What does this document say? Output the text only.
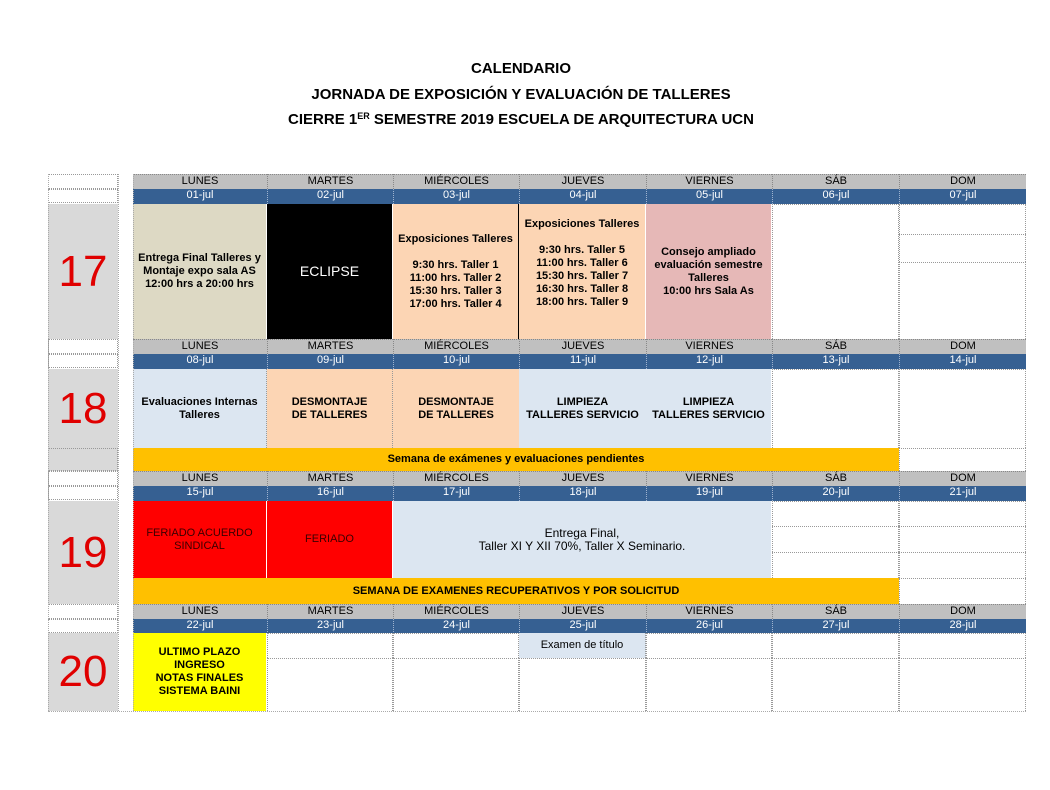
CALENDARIO
JORNADA DE EXPOSICIÓN Y EVALUACIÓN DE TALLERES
CIERRE 1ER SEMESTRE 2019 ESCUELA DE ARQUITECTURA UCN
LUNES
01-jul
MARTES
02-jul
MIÉRCOLES
03-jul
JUEVES
04-jul
VIERNES
05-jul
SÁB
06-jul
DOM
07-jul
LUNES
08-jul
MARTES
09-jul
MIÉRCOLES
10-jul
JUEVES
11-jul
VIERNES
12-jul
SÁB
13-jul
DOM
14-jul
LUNES
15-jul
MARTES
16-jul
MIÉRCOLES
17-jul
JUEVES
18-jul
VIERNES
19-jul
SÁB
20-jul
DOM
21-jul
LUNES
22-jul
MARTES
23-jul
MIÉRCOLES
24-jul
JUEVES
25-jul
VIERNES
26-jul
SÁB
27-jul
DOM
28-jul
17
18
19
20
Entrega Final Talleres y
Montaje expo sala AS
12:00 hrs a 20:00 hrs
ECLIPSE
Exposiciones Talleres

9:30 hrs. Taller 1
11:00 hrs. Taller 2
15:30 hrs. Taller 3
17:00 hrs. Taller 4
Exposiciones Talleres

9:30 hrs. Taller 5
11:00 hrs. Taller 6
15:30 hrs. Taller 7
16:30 hrs. Taller 8
18:00 hrs. Taller 9
Consejo ampliado
evaluación semestre
Talleres
10:00 hrs Sala As
Evaluaciones Internas
Talleres
DESMONTAJE
DE TALLERES
DESMONTAJE
DE TALLERES
LIMPIEZA
TALLERES SERVICIO
LIMPIEZA
TALLERES SERVICIO
Semana de exámenes y evaluaciones pendientes
FERIADO ACUERDO
SINDICAL
FERIADO	Entrega Final,
Taller XI Y XII 70%, Taller X Seminario.
SEMANA DE EXAMENES RECUPERATIVOS Y POR SOLICITUD
ULTIMO PLAZO INGRESO
NOTAS FINALES
SISTEMA BAINI
Examen de título
